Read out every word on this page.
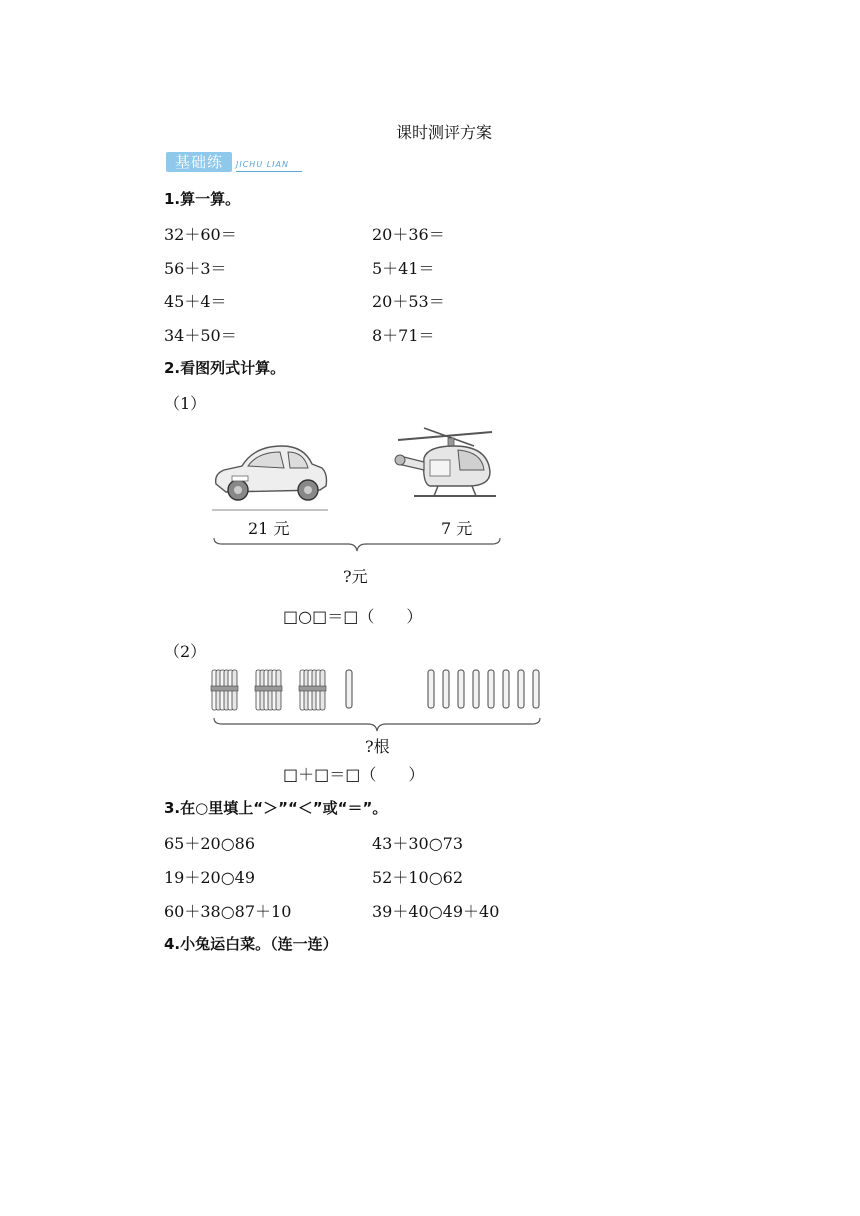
课时测评方案
基础练	JICHU LIAN
1.算一算。
32＋60＝	20＋36＝
56＋3＝	5＋41＝
45＋4＝	20＋53＝
34＋50＝	8＋71＝
2.看图列式计算。
（1）
21 元	7 元
?元
□○□＝□（　　）
（2）
?根
□＋□＝□（　　）
3.在○里填上“＞”“＜”或“＝”。
65＋20○86	43＋30○73
19＋20○49	52＋10○62
60＋38○87＋10	39＋40○49＋40
4.小兔运白菜。（连一连）
